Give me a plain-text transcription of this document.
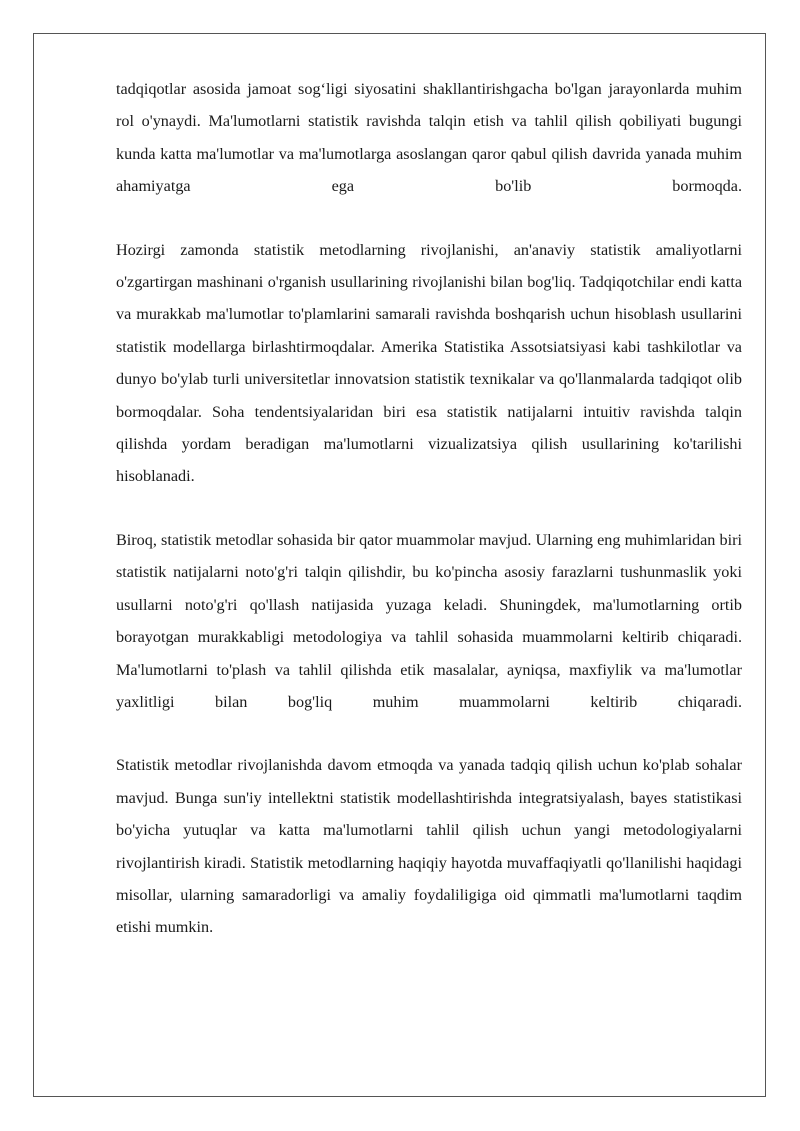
tadqiqotlar asosida jamoat sog‘ligi siyosatini shakllantirishgacha bo'lgan jarayonlarda muhim rol o'ynaydi. Ma'lumotlarni statistik ravishda talqin etish va tahlil qilish qobiliyati bugungi kunda katta ma'lumotlar va ma'lumotlarga asoslangan qaror qabul qilish davrida yanada muhim ahamiyatga ega bo'lib bormoqda.

Hozirgi zamonda statistik metodlarning rivojlanishi, an'anaviy statistik amaliyotlarni o'zgartirgan mashinani o'rganish usullarining rivojlanishi bilan bog'liq. Tadqiqotchilar endi katta va murakkab ma'lumotlar to'plamlarini samarali ravishda boshqarish uchun hisoblash usullarini statistik modellarga birlashtirmoqdalar. Amerika Statistika Assotsiatsiyasi kabi tashkilotlar va dunyo bo'ylab turli universitetlar innovatsion statistik texnikalar va qo'llanmalarda tadqiqot olib bormoqdalar. Soha tendentsiyalaridan biri esa statistik natijalarni intuitiv ravishda talqin qilishda yordam beradigan ma'lumotlarni vizualizatsiya qilish usullarining ko'tarilishi hisoblanadi.

Biroq, statistik metodlar sohasida bir qator muammolar mavjud. Ularning eng muhimlaridan biri statistik natijalarni noto'g'ri talqin qilishdir, bu ko'pincha asosiy farazlarni tushunmaslik yoki usullarni noto'g'ri qo'llash natijasida yuzaga keladi. Shuningdek, ma'lumotlarning ortib borayotgan murakkabligi metodologiya va tahlil sohasida muammolarni keltirib chiqaradi. Ma'lumotlarni to'plash va tahlil qilishda etik masalalar, ayniqsa, maxfiylik va ma'lumotlar yaxlitligi bilan bog'liq muhim muammolarni keltirib chiqaradi.

Statistik metodlar rivojlanishda davom etmoqda va yanada tadqiq qilish uchun ko'plab sohalar mavjud. Bunga sun'iy intellektni statistik modellashtirishda integratsiyalash, bayes statistikasi bo'yicha yutuqlar va katta ma'lumotlarni tahlil qilish uchun yangi metodologiyalarni rivojlantirish kiradi. Statistik metodlarning haqiqiy hayotda muvaffaqiyatli qo'llanilishi haqidagi misollar, ularning samaradorligi va amaliy foydaliligiga oid qimmatli ma'lumotlarni taqdim etishi mumkin.
